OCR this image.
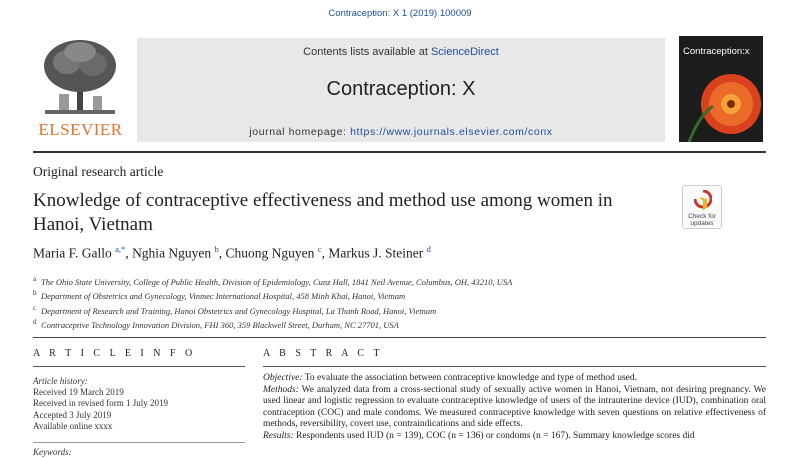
Contraception: X 1 (2019) 100009
ELSEVIER
Contents lists available at ScienceDirect
Contraception: X
journal homepage: https://www.journals.elsevier.com/conx
Contraception:x
Original research article
Knowledge of contraceptive effectiveness and method use among women in Hanoi, Vietnam	Check for updates
Maria F. Gallo $^{a,*}$, Nghia Nguyen $^b$, Chuong Nguyen $^c$, Markus J. Steiner $^d$
a The Ohio State University, College of Public Health, Division of Epidemiology, Cunz Hall, 1841 Neil Avenue, Columbus, OH, 43210, USA
b Department of Obstetrics and Gynecology, Vinmec International Hospital, 458 Minh Khai, Hanoi, Vietnam
c Department of Research and Training, Hanoi Obstetrics and Gynecology Hospital, La Thanh Road, Hanoi, Vietnam
d Contraceptive Technology Innovation Division, FHI 360, 359 Blackwell Street, Durham, NC 27701, USA
A R T I C L E I N F O
Article history:
Received 19 March 2019
Received in revised form 1 July 2019
Accepted 3 July 2019
Available online xxxx
Keywords:
A B S T R A C T
Objective: To evaluate the association between contraceptive knowledge and type of method used.
Methods: We analyzed data from a cross-sectional study of sexually active women in Hanoi, Vietnam, not desiring pregnancy. We used linear and logistic regression to evaluate contraceptive knowledge of users of the intrauterine device (IUD), combination oral contraception (COC) and male condoms. We measured contraceptive knowledge with seven questions on relative effectiveness of methods, reversibility, covert use, contraindications and side effects.
Results: Respondents used IUD (n = 139), COC (n = 136) or condoms (n = 167). Summary knowledge scores did
